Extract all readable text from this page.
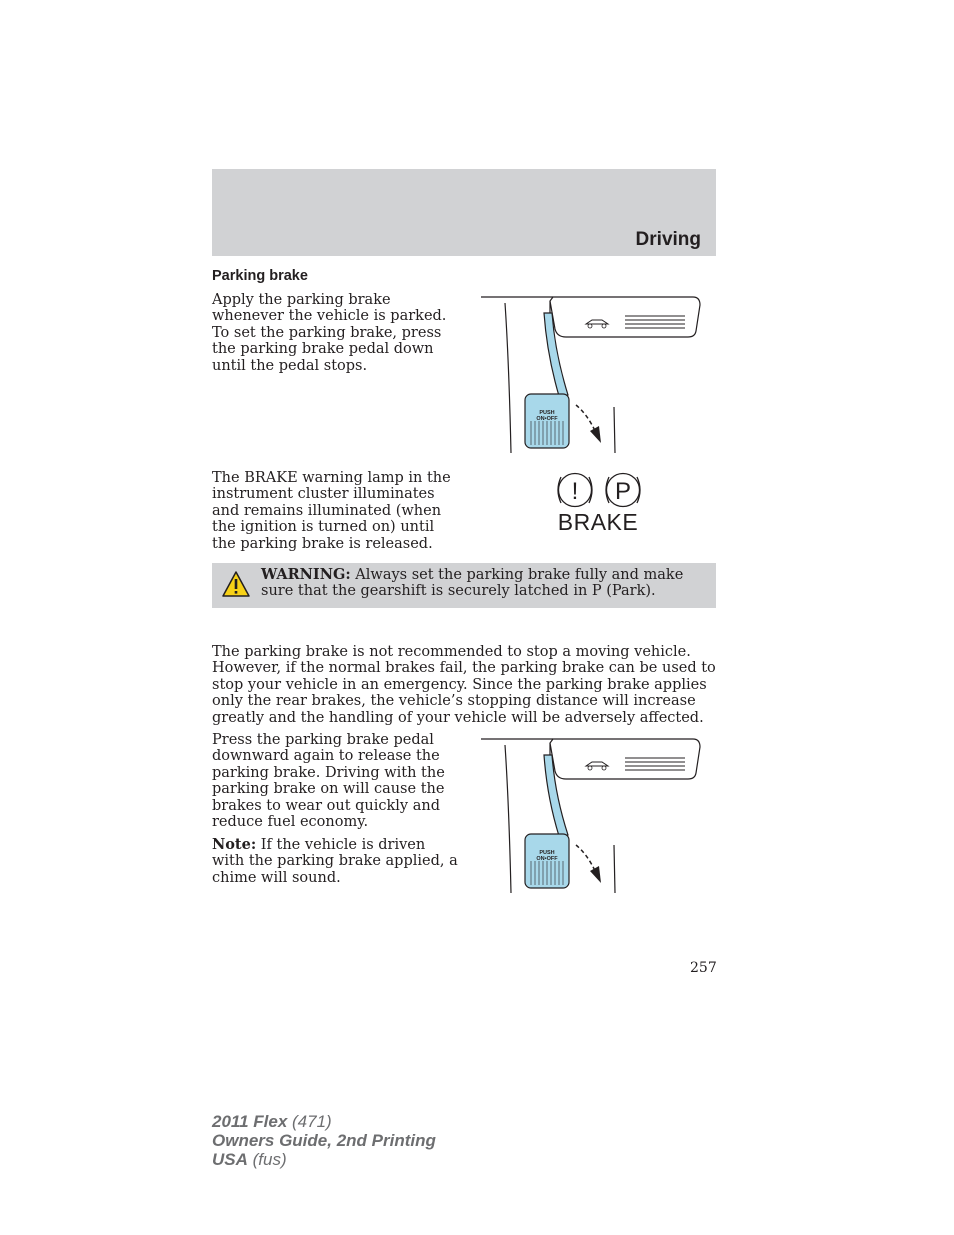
Driving
Parking brake

Apply the parking brake whenever the vehicle is parked. To set the parking brake, press the parking brake pedal down until the pedal stops.

PUSH
ON•OFF

The BRAKE warning lamp in the instrument cluster illuminates and remains illuminated (when the ignition is turned on) until the parking brake is released.

! P
BRAKE

WARNING: Always set the parking brake fully and make sure that the gearshift is securely latched in P (Park).

The parking brake is not recommended to stop a moving vehicle. However, if the normal brakes fail, the parking brake can be used to stop your vehicle in an emergency. Since the parking brake applies only the rear brakes, the vehicle’s stopping distance will increase greatly and the handling of your vehicle will be adversely affected.

Press the parking brake pedal downward again to release the parking brake. Driving with the parking brake on will cause the brakes to wear out quickly and reduce fuel economy.

Note: If the vehicle is driven with the parking brake applied, a chime will sound.

PUSH
ON•OFF
257
2011 Flex (471)
Owners Guide, 2nd Printing
USA (fus)
